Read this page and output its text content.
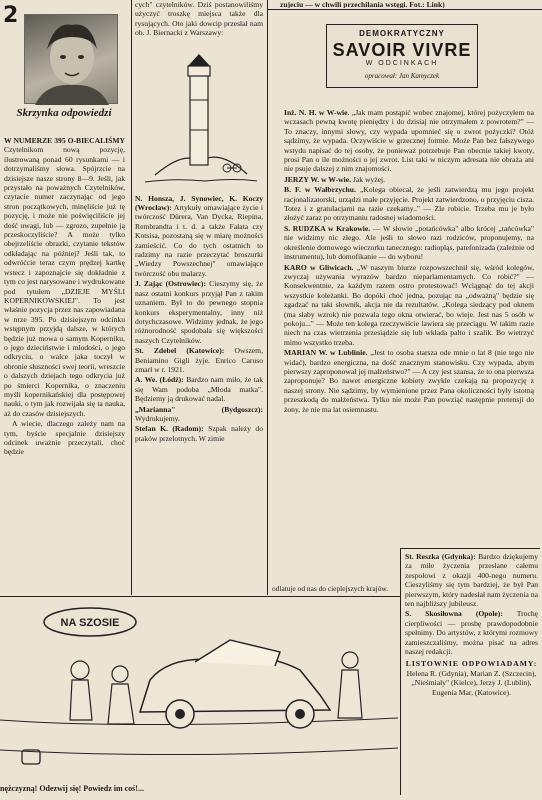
2
Skrzynka odpowiedzi

W NUMERZE 395 O-BIECALIŚMY Czytelnikom nową pozycję, ilustrowaną ponad 60 rysunkami — i dotrzymaliśmy słowa. Spójrzcie na dzisiejsze nasze strony 8—9. Jeśli, jak przystało na poważnych Czytelników, czytacie numer zaczynając od jego stron początkowych, minęliście już tę pozycję, i może nie poświęciliście jej dość uwagi, lub — zgrozo, zupełnie ją przeskoczyliście? A może tylko obejrzeliście obrazki, czytanie tekstów odkładając na później? Jeśli tak, to odwróćcie teraz czym prędzej kartkę wstecz i zapoznajcie się dokładnie z tym co jest narysowane i wydrukowane pod tytułem „DZIEJE MYŚLI KOPERNIKOWSKIEJ". To jest właśnie pozycja przez nas zapowiadana w nrze 395. Po dzisiejszym odcinku wstępnym przyjdą dalsze, w których będzie już mowa o samym Koperniku, o jego dzieciństwie i młodości, o jego odkryciu, o walce jaka toczył w obronie słuszności swej teorii, wreszcie o dalszych dziejach tego odkrycia już po śmierci Kopernika, o znaczeniu myśli kopernikańskiej dla postępowej nauki, o tym jak rozwijała się ta nauka, aż do czasów dzisiejszych.

A wiecie, dlaczego zależy nam na tym, byście specjalnie dzisiejszy odcinek uważnie przeczytali, choć będzie

cych" czytelników. Dziś postanowiliśmy użyczyć troszkę miejsca także dla rysujących. Oto jaki dowcip przesłał nam ob. J. Biernacki z Warszawy:

N. Honsza, J. Synowiec, K. Koczy (Wrocław): Artykuły omawiające życie i twórczość Dürera, Van Dycka, Riepina, Rembrandta i t. d. a także Fałata czy Kotsisa, pozostaną się w miarę możności zamieścić. Co do tych ostatnich to radzimy na razie przeczytać broszurki „Wiedzy Powszechnej" omawiające twórczość obu malarzy.

J. Zając (Ostrowiec): Cieszymy się, że nasz ostatni konkurs przyjął Pan z takim uznaniem. Był to do pewnego stopnia konkurs eksperymentalny, inny niż dotychczasowe. Widzimy jednak, że jego różnorodność spodobała się większości naszych Czytelników.

St. Zdebel (Katowice): Owszem, Beniamino Gigli żyje. Enrico Caruso zmarł w r. 1921.

A. We. (Łódź): Bardzo nam miło, że tak się Wam podoba „Młoda matka". Będziemy ją drukować nadal.

„Marianna" (Bydgoszcz): Wydrukujemy.

Stefan K. (Radom): Szpak należy do ptaków przelotnych. W zimie

zujeciu — w chwili przechilania wstęgi. Fot.: Link)
DEMOKRATYCZNY
SAVOIR VIVRE
W ODCINKACH
opracował: Jan Kamyczek

Inż. N. H. w W-wie. „Jak mam postąpić wobec znajomej, której pożyczyłem na wczasach pewną kwotę pieniędzy i do dzisiaj nie otrzymałem z powrotem?" — To znaczy, innymi słowy, czy wypada upomnieć się o zwrot pożyczki? Otóż sądzimy, że wypada. Oczywiście w grzecznej formie. Może Pan bez fałszywego wstydu napisać do tej osoby, że ponieważ potrzebuje Pan obecnie takiej kwoty, prosi Pan o ile możności o jej zwrot. List taki w niczym adresata nie obraża ani nie psuje dalszej z nim znajomości.

JERZY W. w W-wie. Jak wyżej.

B. F. w Wałbrzychu. „Kolega obiecał, że jeśli zatwierdzą mu jego projekt racjonalizatorski, urządzi małe przyjęcie. Projekt zatwierdzono, o przyjęciu cisza. Totez i z gratulacjami na razie czekamy.." — Zle robicie. Trzeba mu je było złożyć zaraz po otrzymaniu radosnej wiadomości.

S. RUDZKA w Krakowie. — W słowie „potańcówka" albo krócej „tańcówka" nie widzimy nic złego. Ale jeśli to słowo razi rodziców, proponujemy, na określenie domowego wieczorku tanecznego: radiopląs, patefonizada (zależnie od instrumentu), lub domofikanie — do wyboru!

KARO w Gliwicach. „W naszym biurze rozpowszechnił się, wśród kolegów, zwyczaj używania wyrazów bardzo nieparlamentarnych. Co robić?" — Konsekwentnie, za każdym razem ostro protestować! Wciągnąć do tej akcji wszystkie koleżanki. Bo dopóki choć jedna, pozując na „odważną" będzie się zgadzać na taki słownik, akcja nie da rezultatów. „Kolega siedzący pod oknem (ma słaby wzrok) nie pozwala tego okna otwierać, bo wieje. Jest nas 5 osób w pokoju..." — Może ten kolega rzeczywiście lawiera się przeciągu. W takim razie niech na czas wietrzenia przesiądzie się lub wkłada palto i szalik. Bo wietrzyć mimo wszystko trzeba.

MARIAN W. w Lublinie. „Jest to osoba starsza ode mnie o lat 8 (nie tego nie widać), bardzo energiczna, na dość znacznym stanowisku. Czy wypada, abym pierwszy zaproponował jej małżeństwo?" — A czy jest szansa, że to ona pierwsza zaproponuje? Bo nawet energiczne kobiety zwykle czekają na propozycję z naszej strony. Nie sądzimy, by wymienione przez Pana okoliczności były istotną przeszkodą do małżeństwa. Tylko nie może Pan powziąć następnie pretensji do żony, że nie ma lat osiemnastu.

odlatuje od nas do cieplejszych krajów.

St. Reszka (Gdynka): Bardzo dziękujemy za miłe życzenia przesłane całemu zespołowi z okazji 400-nego numeru. Cieszyliśmy się tym bardziej, że był Pan pierwszym, który nadesłał nam życzenia na ten najbliższy jubileusz.

S. Skosiłowna (Opole): Trochę cierpliwości — prosbę prawdopodobnie spełnimy. Do artystów, z którymi rozmowy zamieszczaliśmy, można pisać na adres naszej redakcji.

LISTOWNIE ODPOWIADAMY:

Helena R. (Gdynia), Marian Z. (Szczecin), „Nieśmiały" (Kielce), Jerzy J. (Lublin), Eugenia Mar, (Katowice).

NA SZOSIE
nężczyzną! Odezwij się! Powiedz im coś!...
